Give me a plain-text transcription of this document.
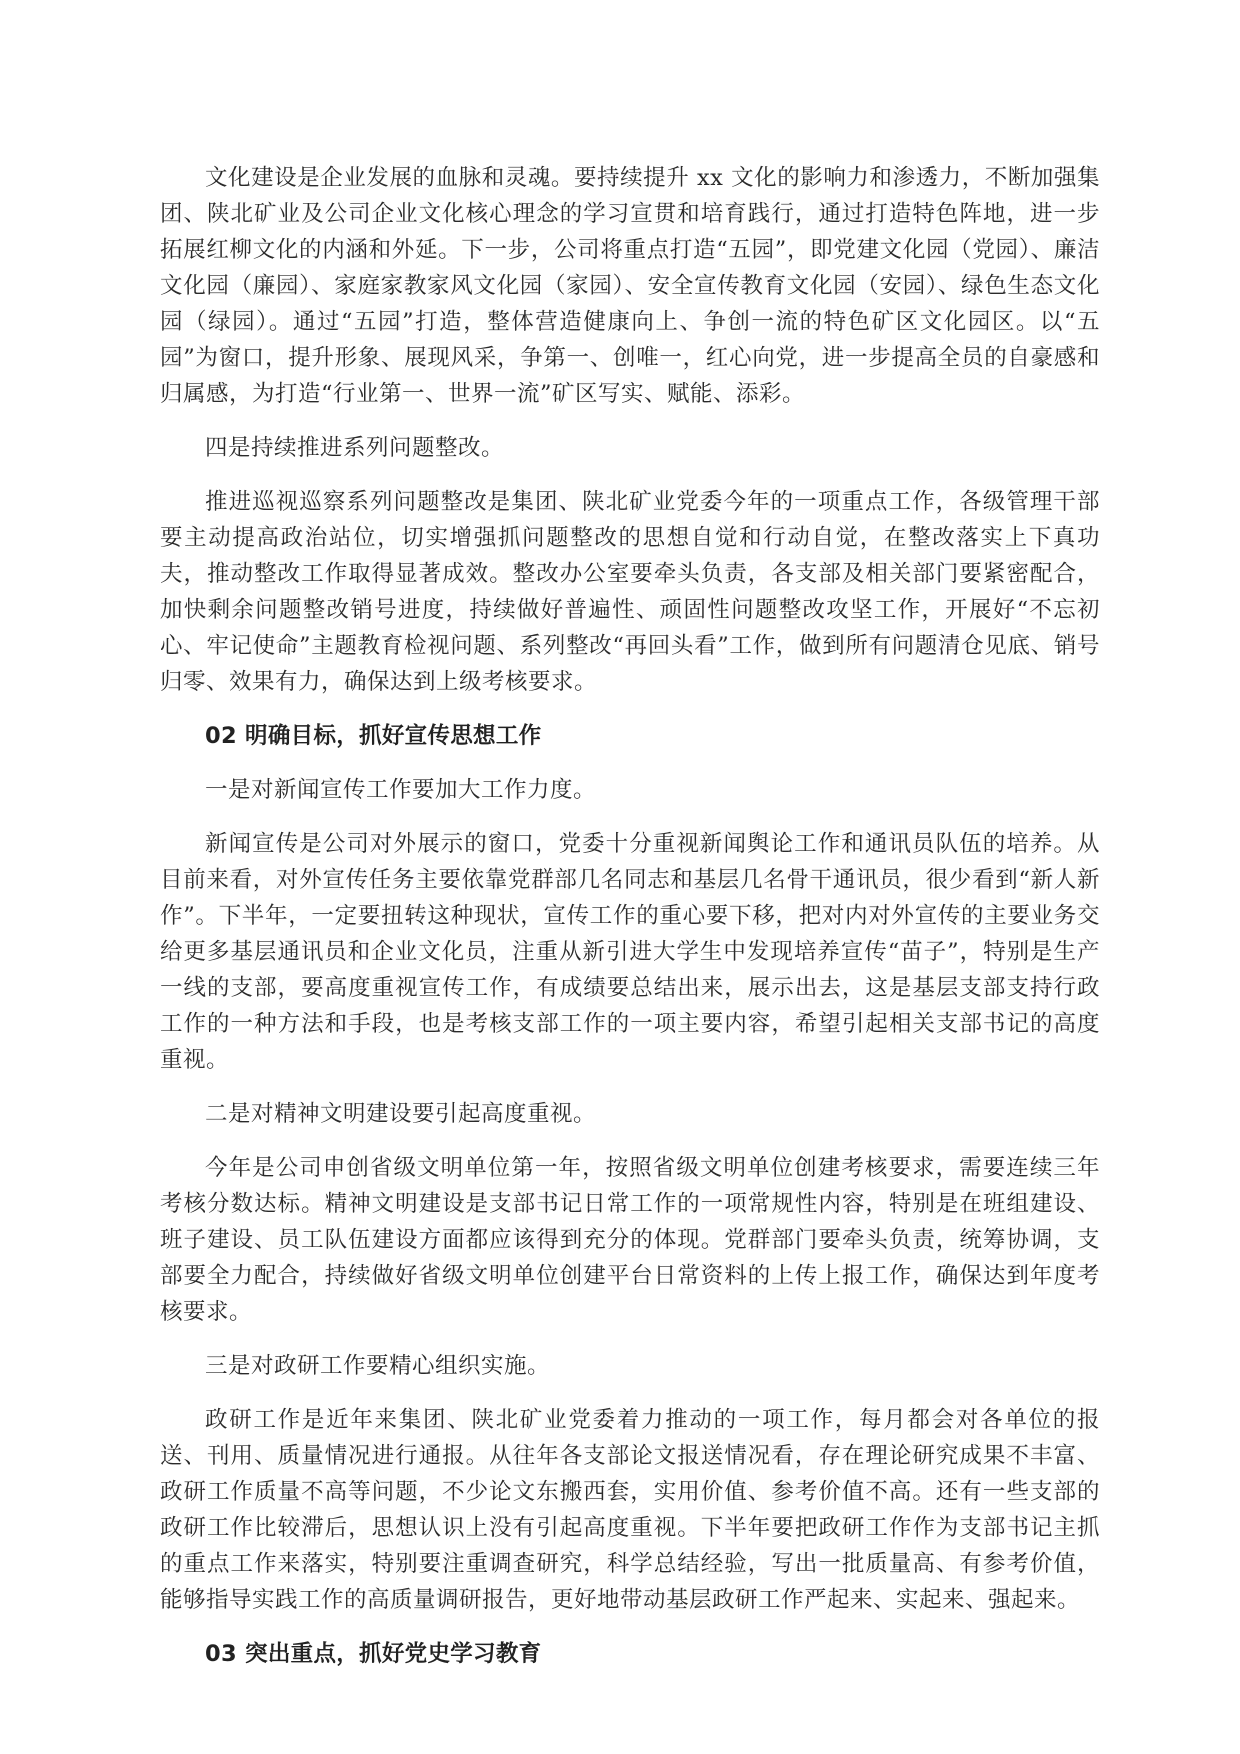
文化建设是企业发展的血脉和灵魂。要持续提升 xx 文化的影响力和渗透力，不断加强集团、陕北矿业及公司企业文化核心理念的学习宣贯和培育践行，通过打造特色阵地，进一步拓展红柳文化的内涵和外延。下一步，公司将重点打造“五园”，即党建文化园（党园）、廉洁文化园（廉园）、家庭家教家风文化园（家园）、安全宣传教育文化园（安园）、绿色生态文化园（绿园）。通过“五园”打造，整体营造健康向上、争创一流的特色矿区文化园区。以“五园”为窗口，提升形象、展现风采，争第一、创唯一，红心向党，进一步提高全员的自豪感和归属感，为打造“行业第一、世界一流”矿区写实、赋能、添彩。

四是持续推进系列问题整改。

推进巡视巡察系列问题整改是集团、陕北矿业党委今年的一项重点工作，各级管理干部要主动提高政治站位，切实增强抓问题整改的思想自觉和行动自觉，在整改落实上下真功夫，推动整改工作取得显著成效。整改办公室要牵头负责，各支部及相关部门要紧密配合，加快剩余问题整改销号进度，持续做好普遍性、顽固性问题整改攻坚工作，开展好“不忘初心、牢记使命”主题教育检视问题、系列整改“再回头看”工作，做到所有问题清仓见底、销号归零、效果有力，确保达到上级考核要求。

02 明确目标，抓好宣传思想工作

一是对新闻宣传工作要加大工作力度。

新闻宣传是公司对外展示的窗口，党委十分重视新闻舆论工作和通讯员队伍的培养。从目前来看，对外宣传任务主要依靠党群部几名同志和基层几名骨干通讯员，很少看到“新人新作”。下半年，一定要扭转这种现状，宣传工作的重心要下移，把对内对外宣传的主要业务交给更多基层通讯员和企业文化员，注重从新引进大学生中发现培养宣传“苗子”，特别是生产一线的支部，要高度重视宣传工作，有成绩要总结出来，展示出去，这是基层支部支持行政工作的一种方法和手段，也是考核支部工作的一项主要内容，希望引起相关支部书记的高度重视。

二是对精神文明建设要引起高度重视。

今年是公司申创省级文明单位第一年，按照省级文明单位创建考核要求，需要连续三年考核分数达标。精神文明建设是支部书记日常工作的一项常规性内容，特别是在班组建设、班子建设、员工队伍建设方面都应该得到充分的体现。党群部门要牵头负责，统筹协调，支部要全力配合，持续做好省级文明单位创建平台日常资料的上传上报工作，确保达到年度考核要求。

三是对政研工作要精心组织实施。

政研工作是近年来集团、陕北矿业党委着力推动的一项工作，每月都会对各单位的报送、刊用、质量情况进行通报。从往年各支部论文报送情况看，存在理论研究成果不丰富、政研工作质量不高等问题，不少论文东搬西套，实用价值、参考价值不高。还有一些支部的政研工作比较滞后，思想认识上没有引起高度重视。下半年要把政研工作作为支部书记主抓的重点工作来落实，特别要注重调查研究，科学总结经验，写出一批质量高、有参考价值，能够指导实践工作的高质量调研报告，更好地带动基层政研工作严起来、实起来、强起来。

03 突出重点，抓好党史学习教育
